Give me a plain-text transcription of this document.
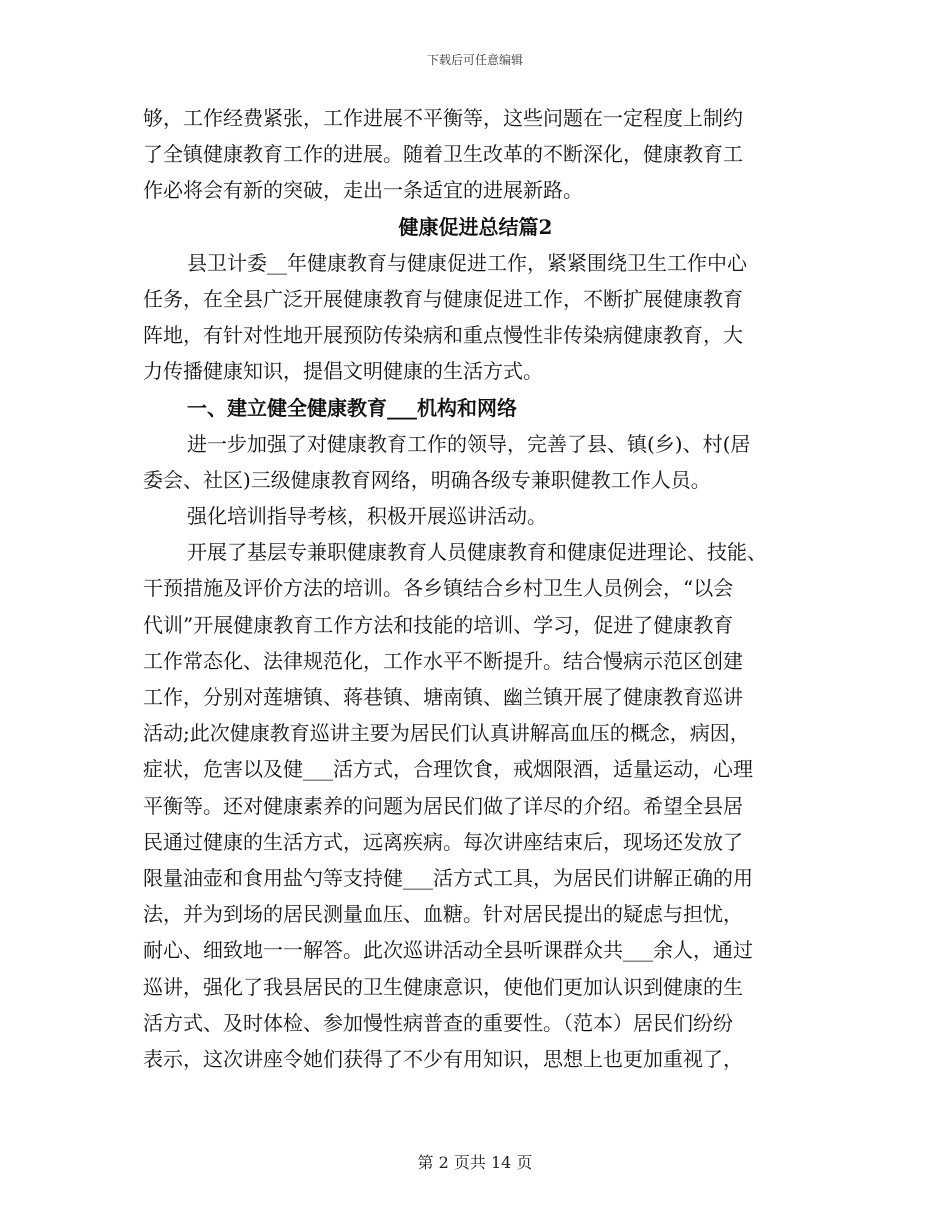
下载后可任意编辑
够，工作经费紧张，工作进展不平衡等，这些问题在一定程度上制约
了全镇健康教育工作的进展。随着卫生改革的不断深化，健康教育工
作必将会有新的突破，走出一条适宜的进展新路。
健康促进总结篇2
县卫计委__年健康教育与健康促进工作，紧紧围绕卫生工作中心
任务，在全县广泛开展健康教育与健康促进工作，不断扩展健康教育
阵地，有针对性地开展预防传染病和重点慢性非传染病健康教育，大
力传播健康知识，提倡文明健康的生活方式。
一、建立健全健康教育___机构和网络
进一步加强了对健康教育工作的领导，完善了县、镇(乡)、村(居
委会、社区)三级健康教育网络，明确各级专兼职健教工作人员。
强化培训指导考核，积极开展巡讲活动。
开展了基层专兼职健康教育人员健康教育和健康促进理论、技能、
干预措施及评价方法的培训。各乡镇结合乡村卫生人员例会，“以会
代训”开展健康教育工作方法和技能的培训、学习，促进了健康教育
工作常态化、法律规范化，工作水平不断提升。结合慢病示范区创建
工作，分别对莲塘镇、蒋巷镇、塘南镇、幽兰镇开展了健康教育巡讲
活动;此次健康教育巡讲主要为居民们认真讲解高血压的概念，病因，
症状，危害以及健___活方式，合理饮食，戒烟限酒，适量运动，心理
平衡等。还对健康素养的问题为居民们做了详尽的介绍。希望全县居
民通过健康的生活方式，远离疾病。每次讲座结束后，现场还发放了
限量油壶和食用盐勺等支持健___活方式工具，为居民们讲解正确的用
法，并为到场的居民测量血压、血糖。针对居民提出的疑虑与担忧，
耐心、细致地一一解答。此次巡讲活动全县听课群众共___余人，通过
巡讲，强化了我县居民的卫生健康意识，使他们更加认识到健康的生
活方式、及时体检、参加慢性病普查的重要性。（范本）居民们纷纷
表示，这次讲座令她们获得了不少有用知识，思想上也更加重视了，
第 2 页共 14 页
